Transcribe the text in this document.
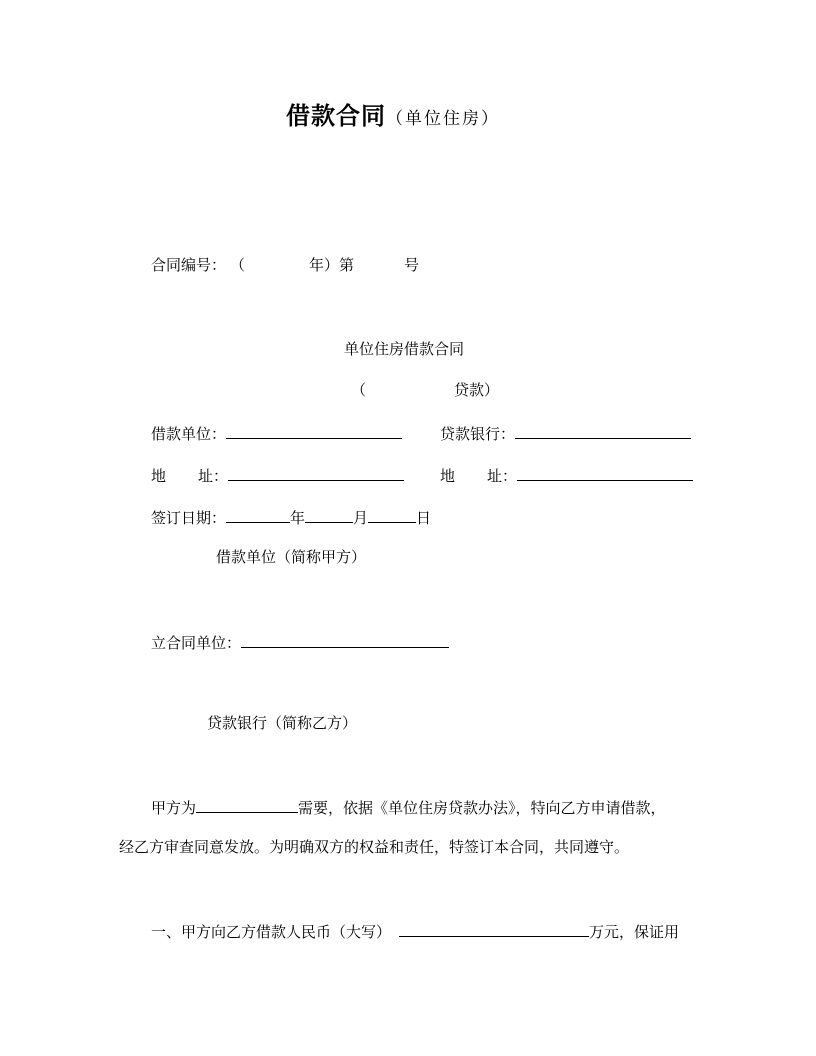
借款合同（单位住房）
合同编号： （	年）第	号
单位住房借款合同
（	贷款）
借款单位：	贷款银行：
地 址：	地 址：
签订日期：	年	月	日
借款单位（简称甲方）
立合同单位：
贷款银行（简称乙方）
甲方为	需要，依据《单位住房贷款办法》，特向乙方申请借款，
经乙方审查同意发放。为明确双方的权益和责任，特签订本合同，共同遵守。
一、甲方向乙方借款人民币（大写）	万元，保证用
